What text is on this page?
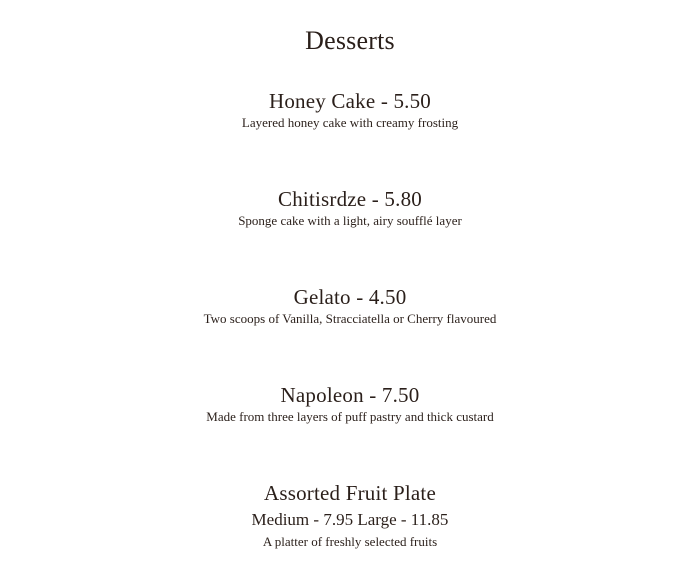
Desserts
Honey Cake - 5.50
Layered honey cake with creamy frosting
Chitisrdze - 5.80
Sponge cake with a light, airy soufflé layer
Gelato - 4.50
Two scoops of Vanilla, Stracciatella or Cherry flavoured
Napoleon - 7.50
Made from three layers of puff pastry and thick custard
Assorted Fruit Plate
Medium - 7.95 Large - 11.85
A platter of freshly selected fruits
